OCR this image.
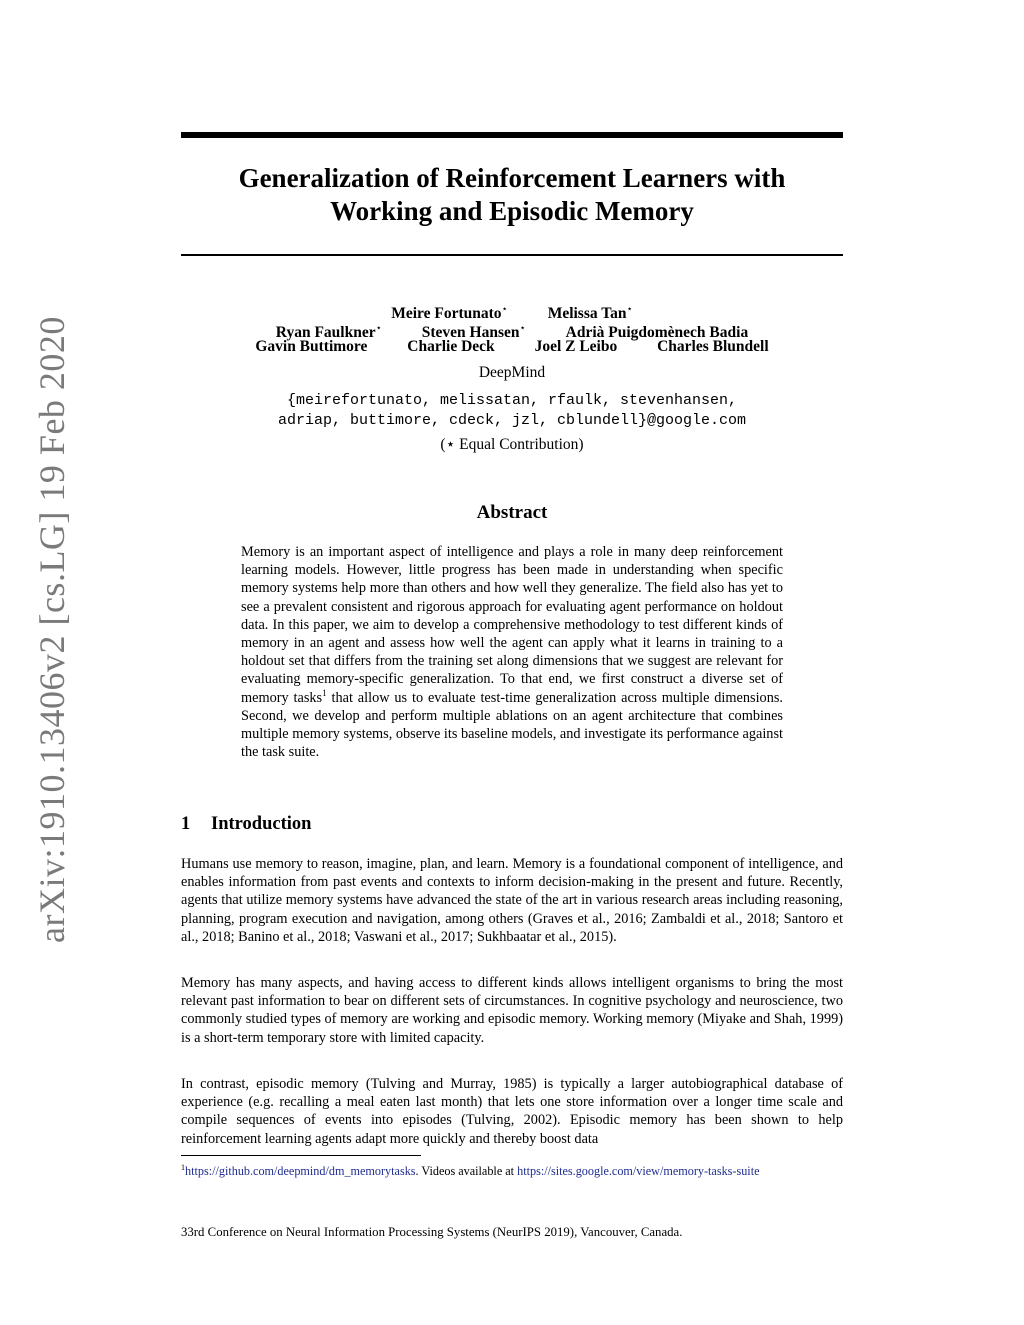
arXiv:1910.13406v2 [cs.LG] 19 Feb 2020
Generalization of Reinforcement Learners with
Working and Episodic Memory
Meire Fortunato⋆	Melissa Tan⋆
Ryan Faulkner⋆	Steven Hansen⋆	Adrià Puigdomènech Badia
Gavin Buttimore	Charlie Deck	Joel Z Leibo	Charles Blundell
DeepMind
{meirefortunato, melissatan, rfaulk, stevenhansen,
adriap, buttimore, cdeck, jzl, cblundell}@google.com
(⋆ Equal Contribution)
Abstract
Memory is an important aspect of intelligence and plays a role in many deep reinforcement learning models. However, little progress has been made in understanding when specific memory systems help more than others and how well they generalize. The field also has yet to see a prevalent consistent and rigorous approach for evaluating agent performance on holdout data. In this paper, we aim to develop a comprehensive methodology to test different kinds of memory in an agent and assess how well the agent can apply what it learns in training to a holdout set that differs from the training set along dimensions that we suggest are relevant for evaluating memory-specific generalization. To that end, we first construct a diverse set of memory tasks$^1$ that allow us to evaluate test-time generalization across multiple dimensions. Second, we develop and perform multiple ablations on an agent architecture that combines multiple memory systems, observe its baseline models, and investigate its performance against the task suite.
1 Introduction
Humans use memory to reason, imagine, plan, and learn. Memory is a foundational component of intelligence, and enables information from past events and contexts to inform decision-making in the present and future. Recently, agents that utilize memory systems have advanced the state of the art in various research areas including reasoning, planning, program execution and navigation, among others (Graves et al., 2016; Zambaldi et al., 2018; Santoro et al., 2018; Banino et al., 2018; Vaswani et al., 2017; Sukhbaatar et al., 2015).
Memory has many aspects, and having access to different kinds allows intelligent organisms to bring the most relevant past information to bear on different sets of circumstances. In cognitive psychology and neuroscience, two commonly studied types of memory are working and episodic memory. Working memory (Miyake and Shah, 1999) is a short-term temporary store with limited capacity.
In contrast, episodic memory (Tulving and Murray, 1985) is typically a larger autobiographical database of experience (e.g. recalling a meal eaten last month) that lets one store information over a longer time scale and compile sequences of events into episodes (Tulving, 2002). Episodic memory has been shown to help reinforcement learning agents adapt more quickly and thereby boost data
$^1$https://github.com/deepmind/dm_memorytasks. Videos available at https://sites.google.com/view/memory-tasks-suite
33rd Conference on Neural Information Processing Systems (NeurIPS 2019), Vancouver, Canada.
